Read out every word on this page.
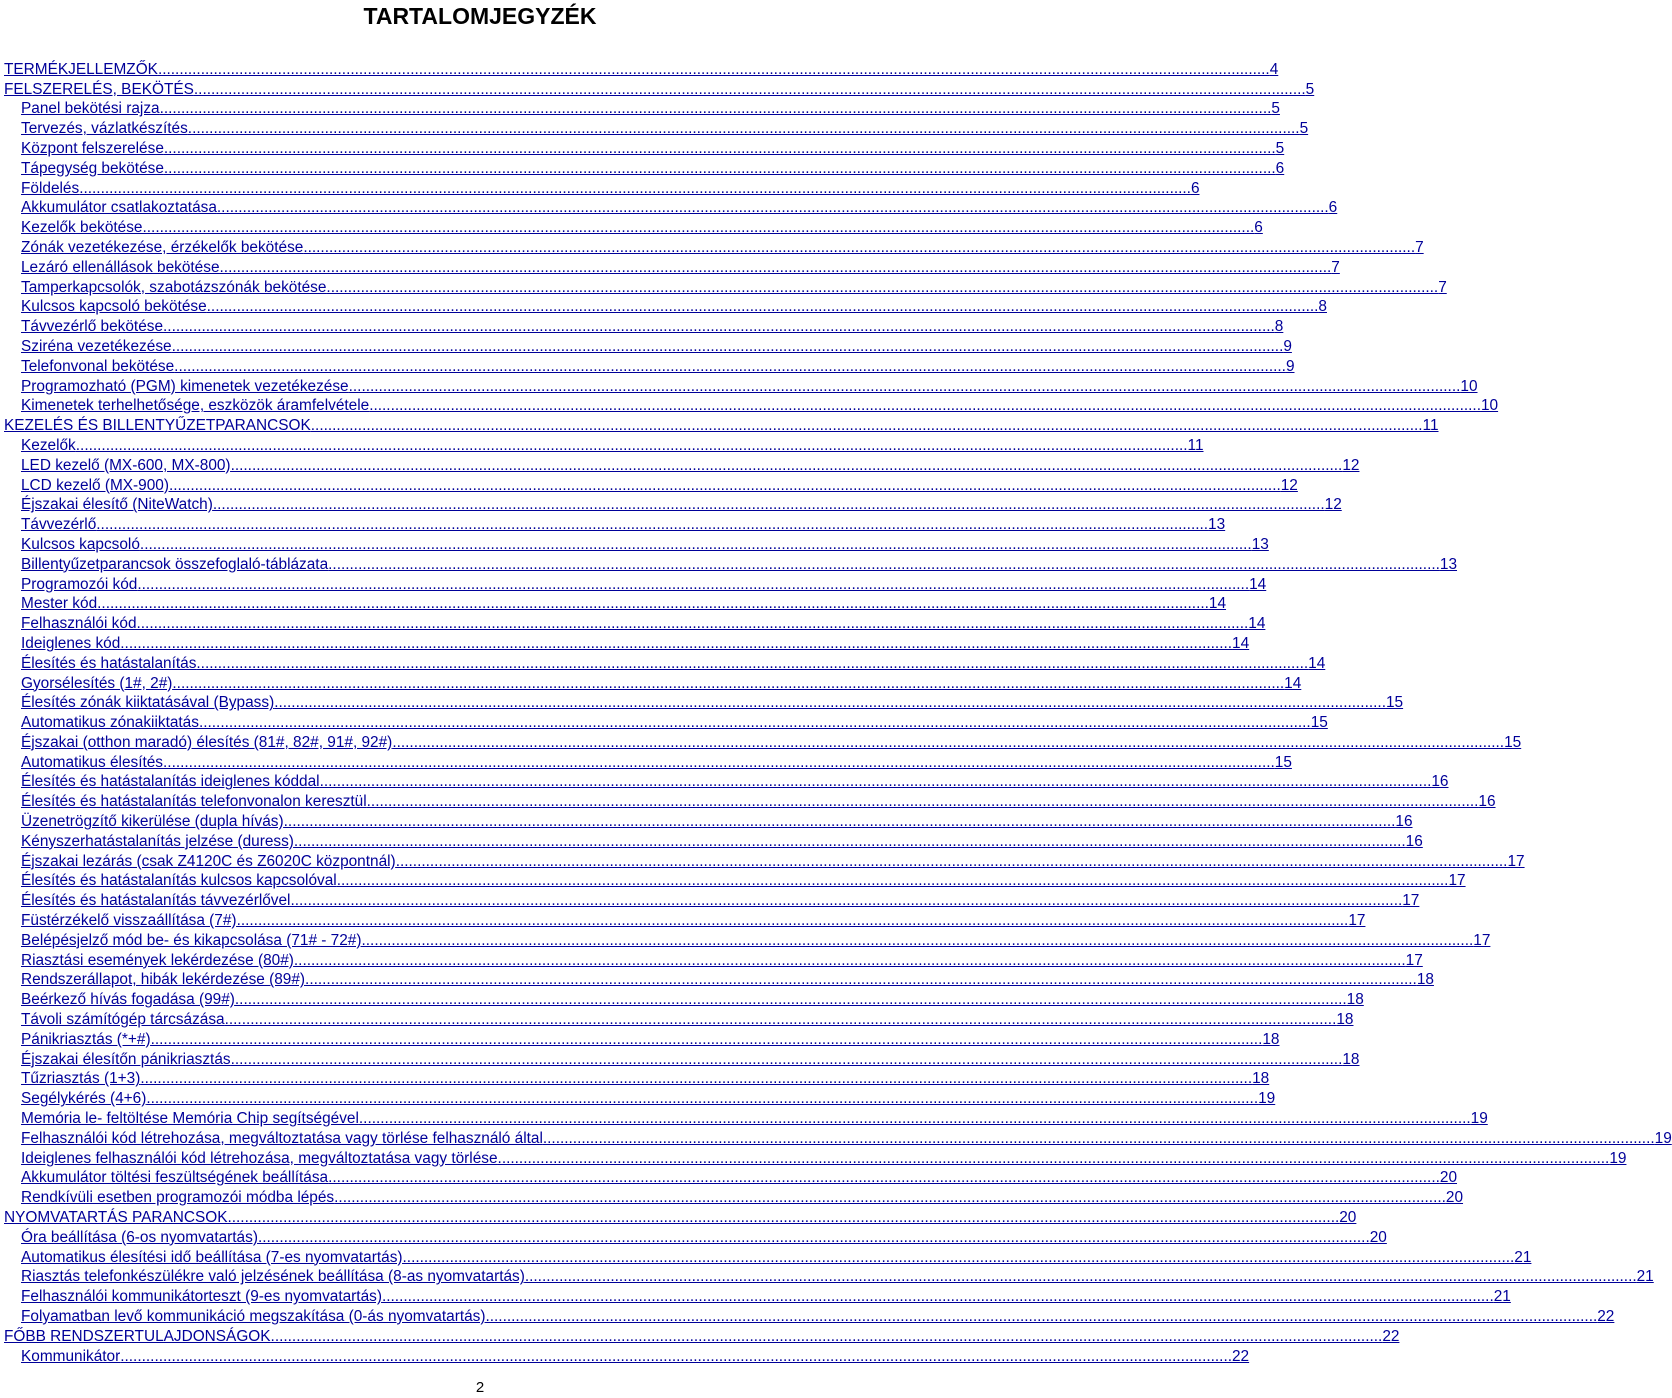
TARTALOMJEGYZÉK
TERMÉKJELLEMZŐK .................................................................................................................................................................................................................................................................... 4
FELSZERELÉS, BEKÖTÉS .................................................................................................................................................................................................................................................................... 5
Panel bekötési rajza .................................................................................................................................................................................................................................................................... 5
Tervezés, vázlatkészítés .................................................................................................................................................................................................................................................................... 5
Központ felszerelése .................................................................................................................................................................................................................................................................... 5
Tápegység bekötése .................................................................................................................................................................................................................................................................... 6
Földelés .................................................................................................................................................................................................................................................................... 6
Akkumulátor csatlakoztatása .................................................................................................................................................................................................................................................................... 6
Kezelők bekötése .................................................................................................................................................................................................................................................................... 6
Zónák vezetékezése, érzékelők bekötése .................................................................................................................................................................................................................................................................... 7
Lezáró ellenállások bekötése .................................................................................................................................................................................................................................................................... 7
Tamperkapcsolók, szabotázszónák bekötése .................................................................................................................................................................................................................................................................... 7
Kulcsos kapcsoló bekötése .................................................................................................................................................................................................................................................................... 8
Távvezérlő bekötése .................................................................................................................................................................................................................................................................... 8
Sziréna vezetékezése .................................................................................................................................................................................................................................................................... 9
Telefonvonal bekötése .................................................................................................................................................................................................................................................................... 9
Programozható (PGM) kimenetek vezetékezése .................................................................................................................................................................................................................................................................... 10
Kimenetek terhelhetősége, eszközök áramfelvétele .................................................................................................................................................................................................................................................................... 10
KEZELÉS ÉS BILLENTYŰZETPARANCSOK .................................................................................................................................................................................................................................................................... 11
Kezelők .................................................................................................................................................................................................................................................................... 11
LED kezelő (MX-600, MX-800) .................................................................................................................................................................................................................................................................... 12
LCD kezelő (MX-900) .................................................................................................................................................................................................................................................................... 12
Éjszakai élesítő (NiteWatch) .................................................................................................................................................................................................................................................................... 12
Távvezérlő .................................................................................................................................................................................................................................................................... 13
Kulcsos kapcsoló .................................................................................................................................................................................................................................................................... 13
Billentyűzetparancsok összefoglaló-táblázata .................................................................................................................................................................................................................................................................... 13
Programozói kód .................................................................................................................................................................................................................................................................... 14
Mester kód .................................................................................................................................................................................................................................................................... 14
Felhasználói kód .................................................................................................................................................................................................................................................................... 14
Ideiglenes kód .................................................................................................................................................................................................................................................................... 14
Élesítés és hatástalanítás .................................................................................................................................................................................................................................................................... 14
Gyorsélesítés (1#, 2#) .................................................................................................................................................................................................................................................................... 14
Élesítés zónák kiiktatásával (Bypass) .................................................................................................................................................................................................................................................................... 15
Automatikus zónakiiktatás .................................................................................................................................................................................................................................................................... 15
Éjszakai (otthon maradó) élesítés (81#, 82#, 91#, 92#) .................................................................................................................................................................................................................................................................... 15
Automatikus élesítés .................................................................................................................................................................................................................................................................... 15
Élesítés és hatástalanítás ideiglenes kóddal .................................................................................................................................................................................................................................................................... 16
Élesítés és hatástalanítás telefonvonalon keresztül .................................................................................................................................................................................................................................................................... 16
Üzenetrögzítő kikerülése (dupla hívás) .................................................................................................................................................................................................................................................................... 16
Kényszerhatástalanítás jelzése (duress) .................................................................................................................................................................................................................................................................... 16
Éjszakai lezárás (csak Z4120C és Z6020C központnál) .................................................................................................................................................................................................................................................................... 17
Élesítés és hatástalanítás kulcsos kapcsolóval .................................................................................................................................................................................................................................................................... 17
Élesítés és hatástalanítás távvezérlővel .................................................................................................................................................................................................................................................................... 17
Füstérzékelő visszaállítása (7#) .................................................................................................................................................................................................................................................................... 17
Belépésjelző mód be- és kikapcsolása (71# - 72#) .................................................................................................................................................................................................................................................................... 17
Riasztási események lekérdezése (80#) .................................................................................................................................................................................................................................................................... 17
Rendszerállapot, hibák lekérdezése (89#) .................................................................................................................................................................................................................................................................... 18
Beérkező hívás fogadása (99#) .................................................................................................................................................................................................................................................................... 18
Távoli számítógép tárcsázása .................................................................................................................................................................................................................................................................... 18
Pánikriasztás (*+#) .................................................................................................................................................................................................................................................................... 18
Éjszakai élesítőn pánikriasztás .................................................................................................................................................................................................................................................................... 18
Tűzriasztás (1+3) .................................................................................................................................................................................................................................................................... 18
Segélykérés (4+6) .................................................................................................................................................................................................................................................................... 19
Memória le- feltöltése Memória Chip segítségével .................................................................................................................................................................................................................................................................... 19
Felhasználói kód létrehozása, megváltoztatása vagy törlése felhasználó által .................................................................................................................................................................................................................................................................... 19
Ideiglenes felhasználói kód létrehozása, megváltoztatása vagy törlése .................................................................................................................................................................................................................................................................... 19
Akkumulátor töltési feszültségének beállítása .................................................................................................................................................................................................................................................................... 20
Rendkívüli esetben programozói módba lépés .................................................................................................................................................................................................................................................................... 20
NYOMVATARTÁS PARANCSOK .................................................................................................................................................................................................................................................................... 20
Óra beállítása (6-os nyomvatartás) .................................................................................................................................................................................................................................................................... 20
Automatikus élesítési idő beállítása (7-es nyomvatartás) .................................................................................................................................................................................................................................................................... 21
Riasztás telefonkészülékre való jelzésének beállítása (8-as nyomvatartás) .................................................................................................................................................................................................................................................................... 21
Felhasználói kommunikátorteszt (9-es nyomvatartás) .................................................................................................................................................................................................................................................................... 21
Folyamatban levő kommunikáció megszakítása (0-ás nyomvatartás) .................................................................................................................................................................................................................................................................... 22
FŐBB RENDSZERTULAJDONSÁGOK .................................................................................................................................................................................................................................................................... 22
Kommunikátor .................................................................................................................................................................................................................................................................... 22
2
